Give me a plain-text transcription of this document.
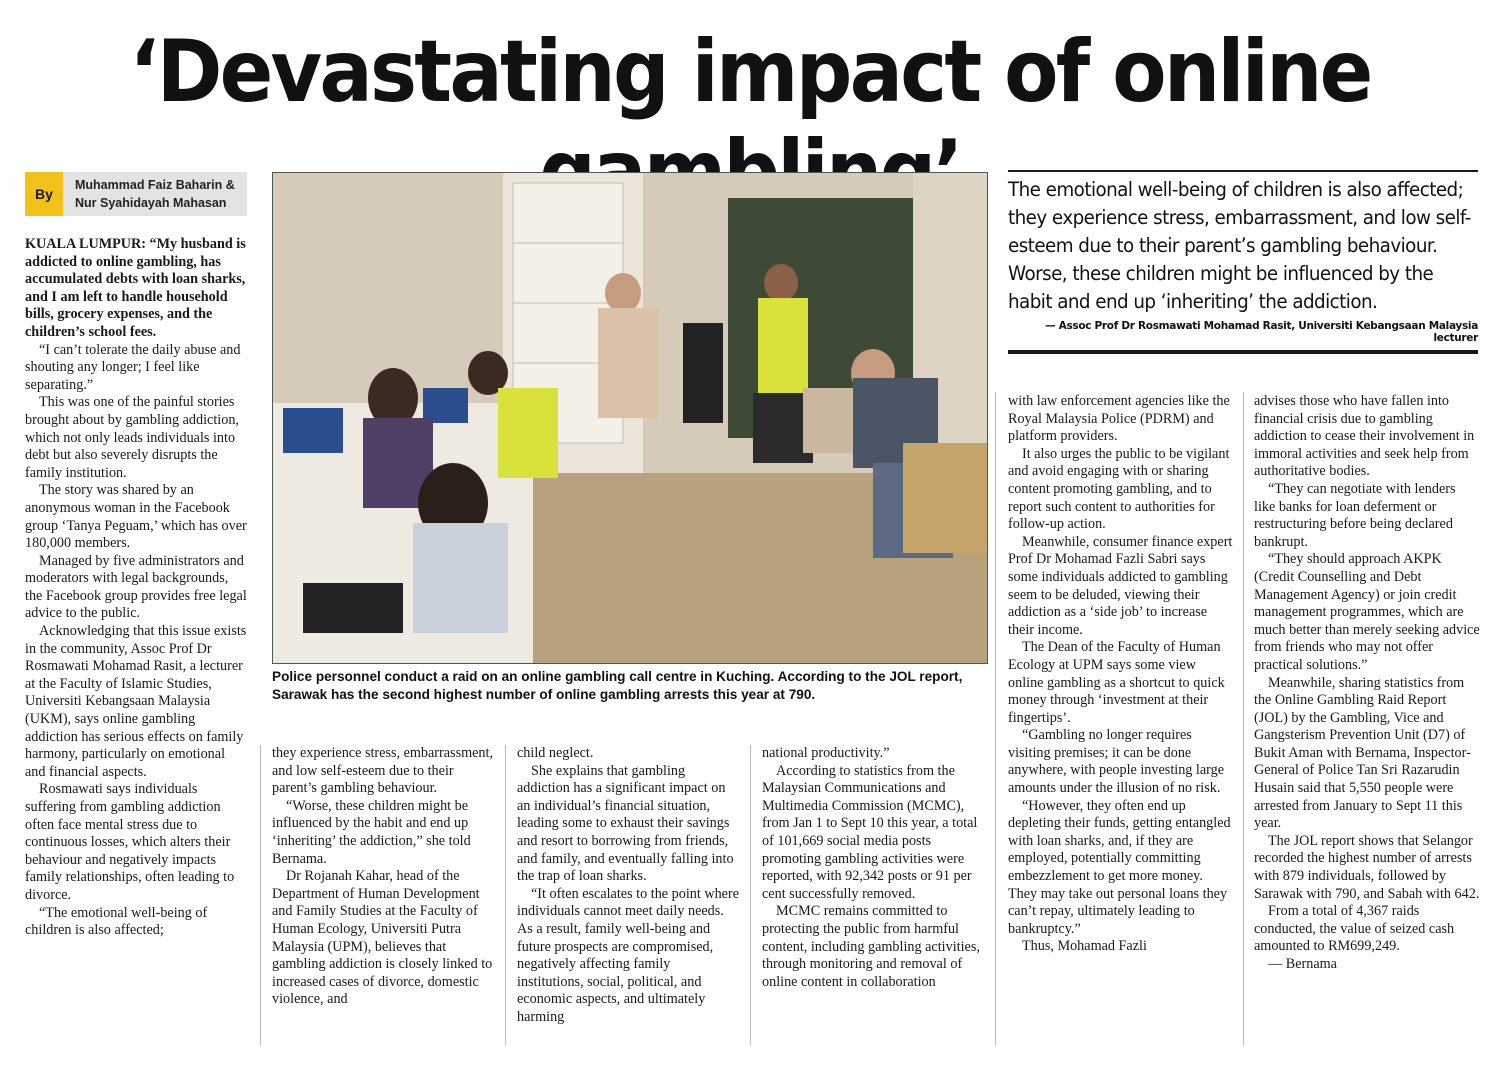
‘Devastating impact of online
By
Muhammad Faiz Baharin &
Nur Syahidayah Mahasan

KUALA LUMPUR: “My husband is addicted to online gambling, has accumulated debts with loan sharks, and I am left to handle household bills, grocery expenses, and the children’s school fees.

“I can’t tolerate the daily abuse and shouting any longer; I feel like separating.”

This was one of the painful stories brought about by gambling addiction, which not only leads individuals into debt but also severely disrupts the family institution.

The story was shared by an anonymous woman in the Facebook group ‘Tanya Peguam,’ which has over 180,000 members.

Managed by five administrators and moderators with legal backgrounds, the Facebook group provides free legal advice to the public.

Acknowledging that this issue exists in the community, Assoc Prof Dr Rosmawati Mohamad Rasit, a lecturer at the Faculty of Islamic Studies, Universiti Kebangsaan Malaysia (UKM), says online gambling addiction has serious effects on family harmony, particularly on emotional and financial aspects.

Rosmawati says individuals suffering from gambling addiction often face mental stress due to continuous losses, which alters their behaviour and negatively impacts family relationships, often leading to divorce.

“The emotional well-being of children is also affected;

Police personnel conduct a raid on an online gambling call centre in Kuching. According to the JOL report, Sarawak has the second highest number of online gambling arrests this year at 790.
The emotional well-being of children is also affected; they experience stress, embarrassment, and low self-esteem due to their parent’s gambling behaviour. Worse, these children might be influenced by the habit and end up ‘inheriting’ the addiction.
— Assoc Prof Dr Rosmawati Mohamad Rasit, Universiti Kebangsaan Malaysia lecturer

they experience stress, embarrassment, and low self-esteem due to their parent’s gambling behaviour.

“Worse, these children might be influenced by the habit and end up ‘inheriting’ the addiction,” she told Bernama.

Dr Rojanah Kahar, head of the Department of Human Development and Family Studies at the Faculty of Human Ecology, Universiti Putra Malaysia (UPM), believes that gambling addiction is closely linked to increased cases of divorce, domestic violence, and

child neglect.

She explains that gambling addiction has a significant impact on an individual’s financial situation, leading some to exhaust their savings and resort to borrowing from friends, and family, and eventually falling into the trap of loan sharks.

“It often escalates to the point where individuals cannot meet daily needs. As a result, family well-being and future prospects are compromised, negatively affecting family institutions, social, political, and economic aspects, and ultimately harming

national productivity.”

According to statistics from the Malaysian Communications and Multimedia Commission (MCMC), from Jan 1 to Sept 10 this year, a total of 101,669 social media posts promoting gambling activities were reported, with 92,342 posts or 91 per cent successfully removed.

MCMC remains committed to protecting the public from harmful content, including gambling activities, through monitoring and removal of online content in collaboration

with law enforcement agencies like the Royal Malaysia Police (PDRM) and platform providers.

It also urges the public to be vigilant and avoid engaging with or sharing content promoting gambling, and to report such content to authorities for follow-up action.

Meanwhile, consumer finance expert Prof Dr Mohamad Fazli Sabri says some individuals addicted to gambling seem to be deluded, viewing their addiction as a ‘side job’ to increase their income.

The Dean of the Faculty of Human Ecology at UPM says some view online gambling as a shortcut to quick money through ‘investment at their fingertips’.

“Gambling no longer requires visiting premises; it can be done anywhere, with people investing large amounts under the illusion of no risk.

“However, they often end up depleting their funds, getting entangled with loan sharks, and, if they are employed, potentially committing embezzlement to get more money. They may take out personal loans they can’t repay, ultimately leading to bankruptcy.”

Thus, Mohamad Fazli

advises those who have fallen into financial crisis due to gambling addiction to cease their involvement in immoral activities and seek help from authoritative bodies.

“They can negotiate with lenders like banks for loan deferment or restructuring before being declared bankrupt.

“They should approach AKPK (Credit Counselling and Debt Management Agency) or join credit management programmes, which are much better than merely seeking advice from friends who may not offer practical solutions.”

Meanwhile, sharing statistics from the Online Gambling Raid Report (JOL) by the Gambling, Vice and Gangsterism Prevention Unit (D7) of Bukit Aman with Bernama, Inspector-General of Police Tan Sri Razarudin Husain said that 5,550 people were arrested from January to Sept 11 this year.

The JOL report shows that Selangor recorded the highest number of arrests with 879 individuals, followed by Sarawak with 790, and Sabah with 642.

From a total of 4,367 raids conducted, the value of seized cash amounted to RM699,249.

— Bernama
